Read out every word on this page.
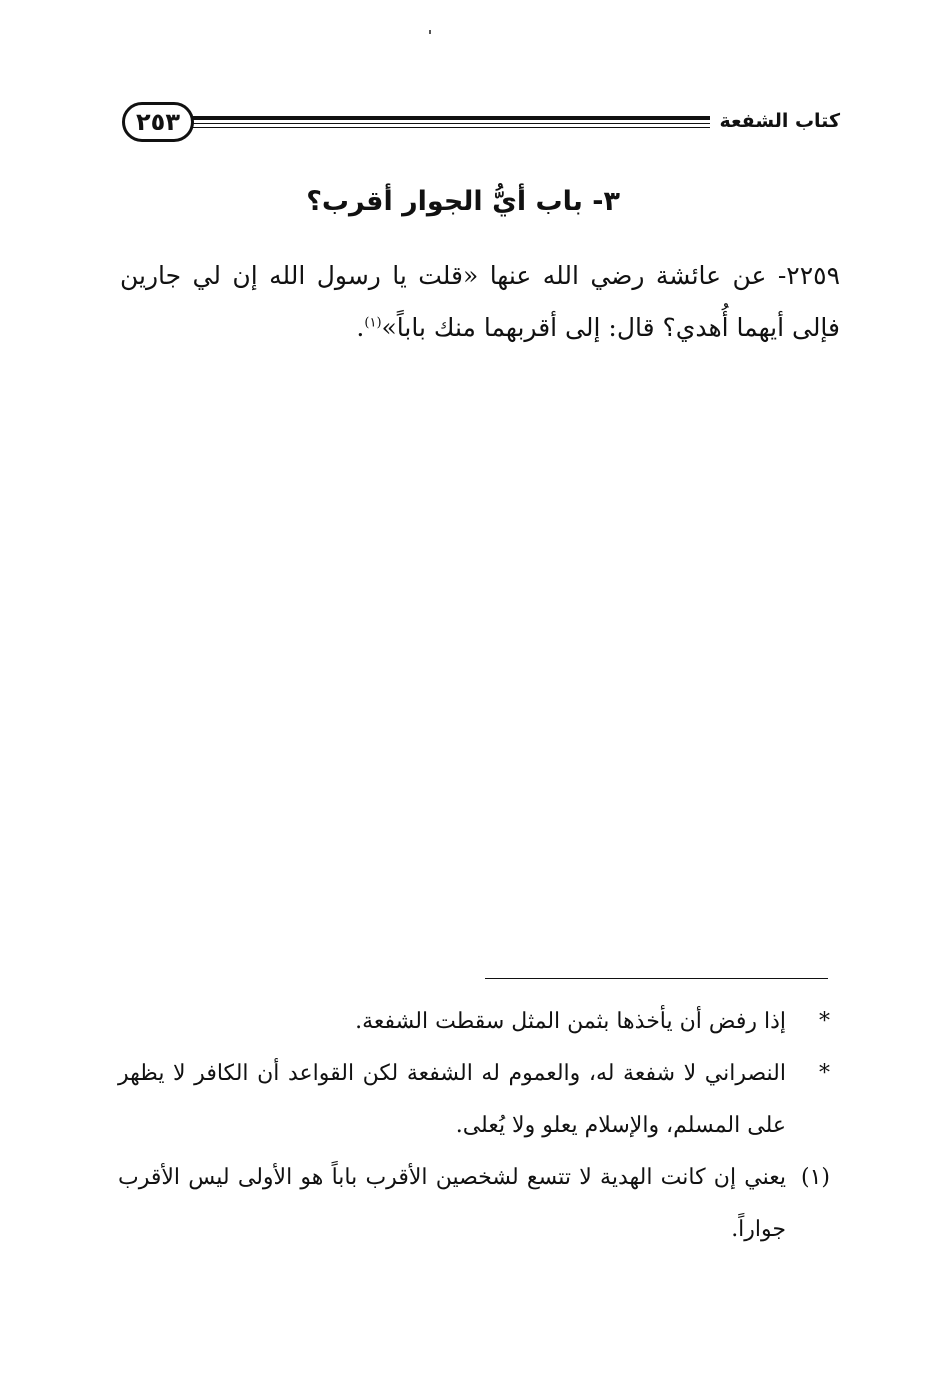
٢٥٣	كتاب الشفعة
٣- باب أيُّ الجوار أقرب؟
٢٢٥٩- عن عائشة رضي الله عنها «قلت يا رسول الله إن لي جارين فإلى أيهما أُهدي؟ قال: إلى أقربهما منك باباً»$^{(١)}$.
*
إذا رفض أن يأخذها بثمن المثل سقطت الشفعة.
*
النصراني لا شفعة له، والعموم له الشفعة لكن القواعد أن الكافر لا يظهر على المسلم، والإسلام يعلو ولا يُعلى.
(١)
يعني إن كانت الهدية لا تتسع لشخصين الأقرب باباً هو الأولى ليس الأقرب جواراً.
